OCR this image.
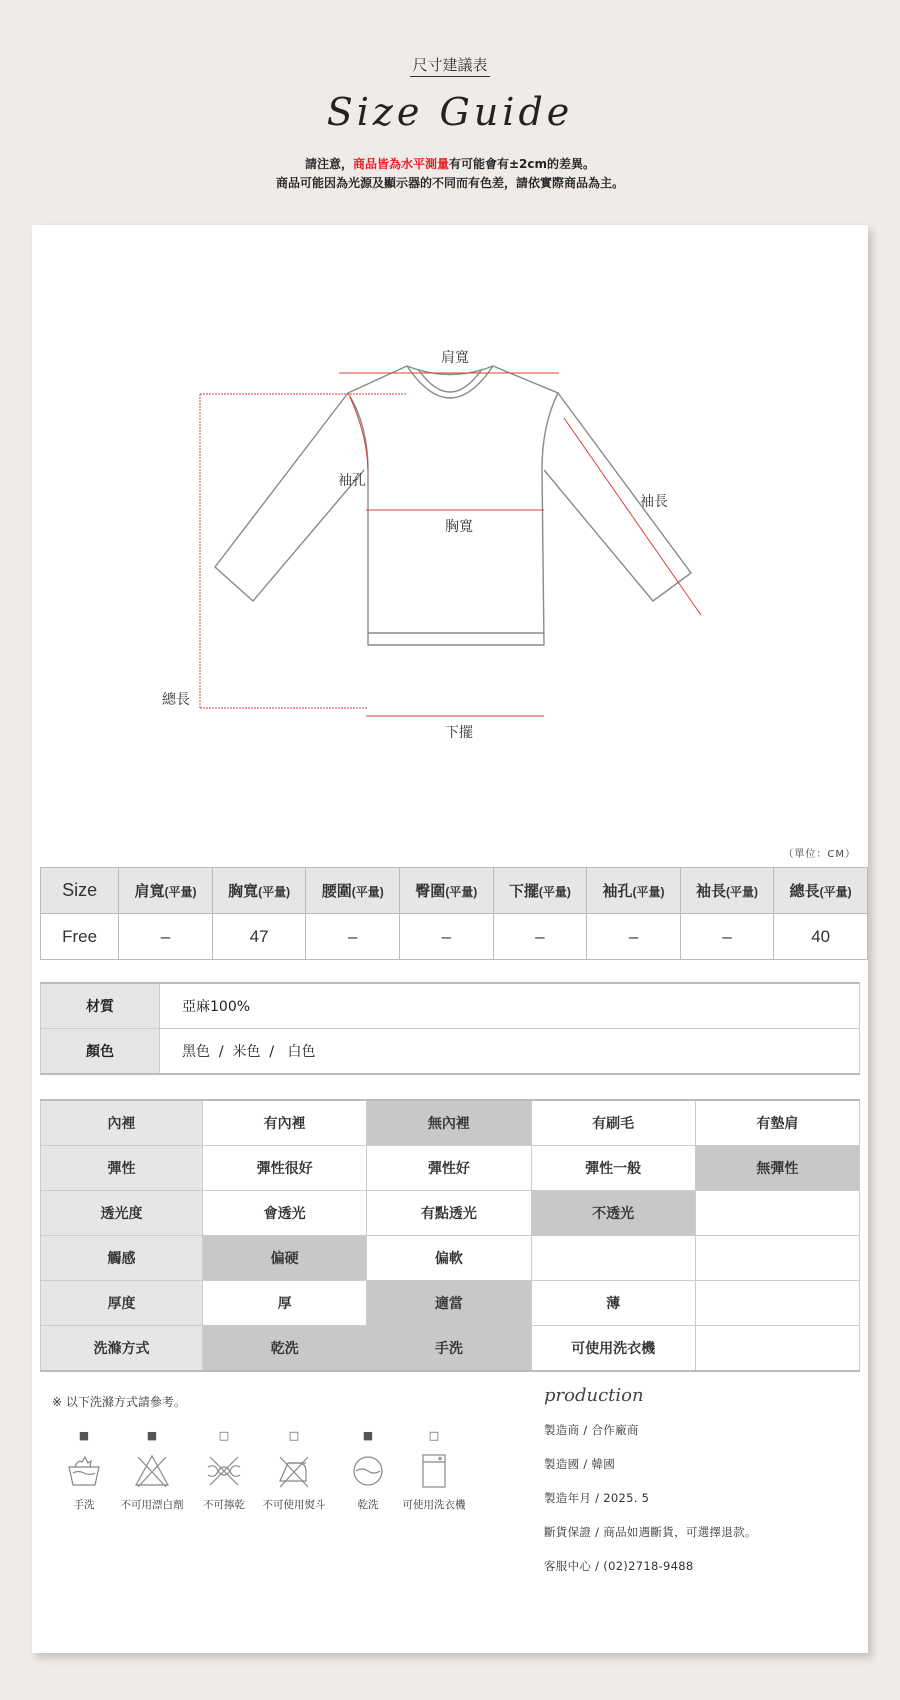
尺寸建議表
Size Guide
請注意，商品皆為水平測量有可能會有±2cm的差異。
商品可能因為光源及顯示器的不同而有色差，請依實際商品為主。
肩寬
袖孔
胸寬
袖長
總長
下擺
（單位：CM）
Size	肩寬(平量)	胸寬(平量)	腰圍(平量)	臀圍(平量)	下擺(平量)	袖孔(平量)	袖長(平量)	總長(平量)
Free	–	47	–	–	–	–	–	40
材質	亞麻100%
顏色	黑色  /  米色  /   白色
內裡	有內裡	無內裡	有刷毛	有墊肩
彈性	彈性很好	彈性好	彈性一般	無彈性
透光度	會透光	有點透光	不透光	
觸感	偏硬	偏軟		
厚度	厚	適當	薄	
洗滌方式	乾洗	手洗	可使用洗衣機	
※ 以下洗滌方式請參考。
■
手洗
■
不可用漂白劑
□
不可擰乾
□
不可使用熨斗
■
乾洗
□
可使用洗衣機
production
製造商 / 合作廠商
製造國 / 韓國
製造年月 / 2025. 5
斷貨保證 / 商品如遇斷貨，可選擇退款。
客服中心 / (02)2718-9488
